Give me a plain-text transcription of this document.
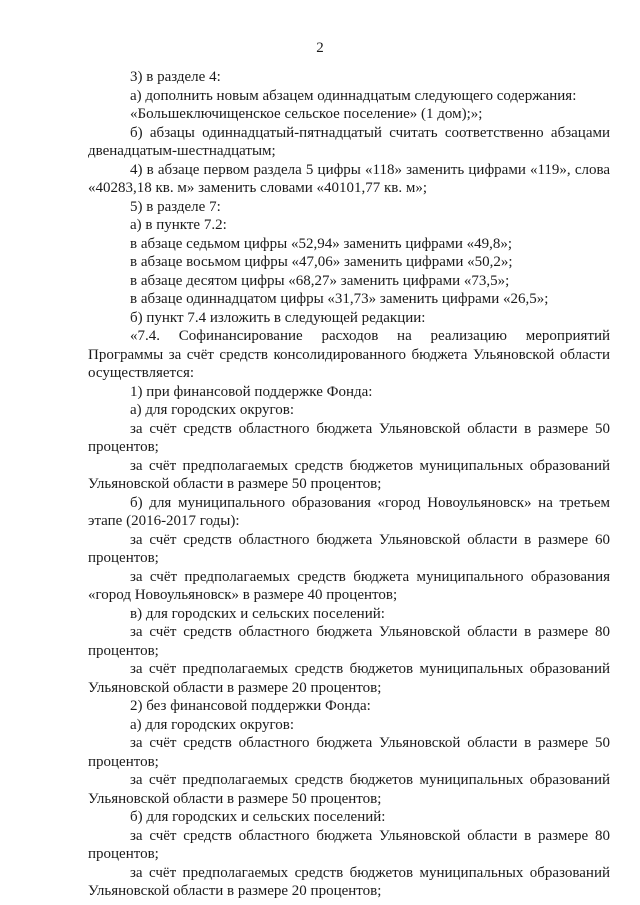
2

3) в разделе 4:

а) дополнить новым абзацем одиннадцатым следующего содержания:

«Большеключищенское сельское поселение» (1 дом);»;

б) абзацы одиннадцатый-пятнадцатый считать соответственно абзацами двенадцатым-шестнадцатым;

4) в абзаце первом раздела 5 цифры «118» заменить цифрами «119», слова «40283,18 кв. м» заменить словами «40101,77 кв. м»;

5) в разделе 7:

а) в пункте 7.2:

в абзаце седьмом цифры «52,94» заменить цифрами «49,8»;

в абзаце восьмом цифры «47,06» заменить цифрами «50,2»;

в абзаце десятом цифры «68,27» заменить цифрами «73,5»;

в абзаце одиннадцатом цифры «31,73» заменить цифрами «26,5»;

б) пункт 7.4 изложить в следующей редакции:

«7.4. Софинансирование расходов на реализацию мероприятий Программы за счёт средств консолидированного бюджета Ульяновской области осуществляется:

1) при финансовой поддержке Фонда:

а) для городских округов:

за счёт средств областного бюджета Ульяновской области в размере 50 процентов;

за счёт предполагаемых средств бюджетов муниципальных образований Ульяновской области в размере 50 процентов;

б) для муниципального образования «город Новоульяновск» на третьем этапе (2016-2017 годы):

за счёт средств областного бюджета Ульяновской области в размере 60 процентов;

за счёт предполагаемых средств бюджета муниципального образования «город Новоульяновск» в размере 40 процентов;

в) для городских и сельских поселений:

за счёт средств областного бюджета Ульяновской области в размере 80 процентов;

за счёт предполагаемых средств бюджетов муниципальных образований Ульяновской области в размере 20 процентов;

2) без финансовой поддержки Фонда:

а) для городских округов:

за счёт средств областного бюджета Ульяновской области в размере 50 процентов;

за счёт предполагаемых средств бюджетов муниципальных образований Ульяновской области в размере 50 процентов;

б) для городских и сельских поселений:

за счёт средств областного бюджета Ульяновской области в размере 80 процентов;

за счёт предполагаемых средств бюджетов муниципальных образований Ульяновской области в размере 20 процентов;
